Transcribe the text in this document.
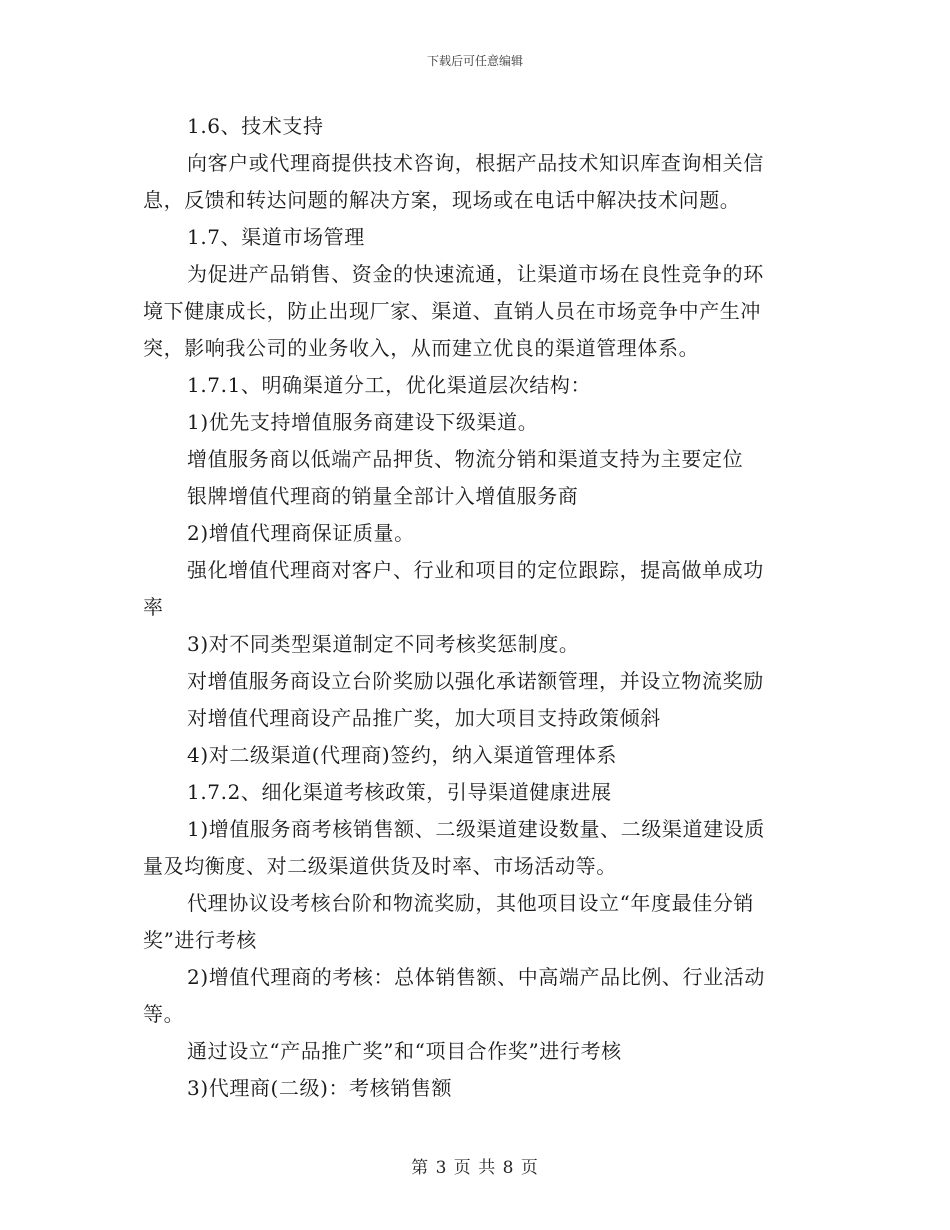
下载后可任意编辑
1.6、技术支持
向客户或代理商提供技术咨询，根据产品技术知识库查询相关信
息，反馈和转达问题的解决方案，现场或在电话中解决技术问题。
1.7、渠道市场管理
为促进产品销售、资金的快速流通，让渠道市场在良性竞争的环
境下健康成长，防止出现厂家、渠道、直销人员在市场竞争中产生冲
突，影响我公司的业务收入，从而建立优良的渠道管理体系。
1.7.1、明确渠道分工，优化渠道层次结构：
1)优先支持增值服务商建设下级渠道。
增值服务商以低端产品押货、物流分销和渠道支持为主要定位
银牌增值代理商的销量全部计入增值服务商
2)增值代理商保证质量。
强化增值代理商对客户、行业和项目的定位跟踪，提高做单成功
率
3)对不同类型渠道制定不同考核奖惩制度。
对增值服务商设立台阶奖励以强化承诺额管理，并设立物流奖励
对增值代理商设产品推广奖，加大项目支持政策倾斜
4)对二级渠道(代理商)签约，纳入渠道管理体系
1.7.2、细化渠道考核政策，引导渠道健康进展
1)增值服务商考核销售额、二级渠道建设数量、二级渠道建设质
量及均衡度、对二级渠道供货及时率、市场活动等。
代理协议设考核台阶和物流奖励，其他项目设立“年度最佳分销
奖”进行考核
2)增值代理商的考核：总体销售额、中高端产品比例、行业活动
等。
通过设立“产品推广奖”和“项目合作奖”进行考核
3)代理商(二级)：考核销售额
第 3 页 共 8 页
